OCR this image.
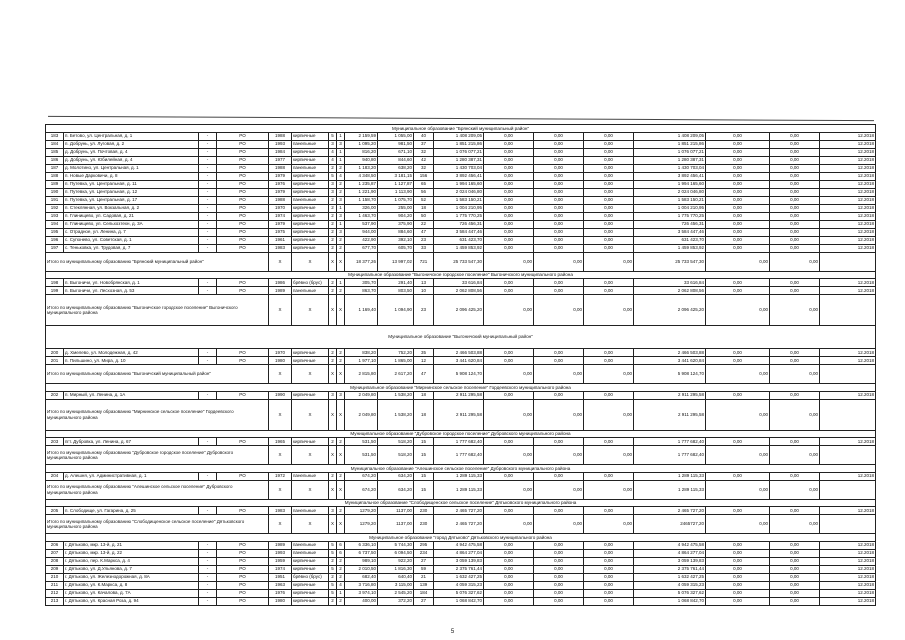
Муниципальное образование "Брянский муниципальный район"																		
183	п. Бетово, ул. Центральная, д. 1	-	РО	1988	кирпичные	5	1	2 159,59	1 055,00	40	1 408 209,05	0,00	0,00	0,00	1 408 209,05	0,00	0,00	12.2018
184	п. Добрунь, ул. Луговая, д. 2	-	РО	1993	панельные	3	3	1 095,20	981,50	37	1 851 215,86	0,00	0,00	0,00	1 851 215,86	0,00	0,00	12.2018
185	д. Добрунь, ул. Почтовая, д. 4	-	РО	1984	кирпичные	4	1	816,20	671,10	32	1 076 077,21	0,00	0,00	0,00	1 076 077,21	0,00	0,00	12.2018
186	д. Добрунь, ул. Юбилейная, д. 4	-	РО	1977	кирпичные	4	1	940,80	844,60	42	1 280 387,31	0,00	0,00	0,00	1 280 387,31	0,00	0,00	12.2018
187	д. Молотино, ул. Центральная, д. 1	-	РО	1988	панельные	2	2	1 183,20	638,20	32	1 430 703,04	0,00	0,00	0,00	1 430 703,04	0,00	0,00	12.2018
188	п. Новые Дарковичи, д. 8	-	РО	1979	кирпичные	5	4	4 348,50	3 181,15	156	3 892 456,41	0,00	0,00	0,00	3 892 456,41	0,00	0,00	12.2018
189	п. Путевка, ул. Центральная, д. 11	-	РО	1976	кирпичные	3	2	1 235,87	1 127,87	65	1 994 165,60	0,00	0,00	0,00	1 994 165,60	0,00	0,00	12.2018
190	п. Путевка, ул. Центральная, д. 12	-	РО	1979	кирпичные	3	2	1 221,90	1 113,90	56	2 024 046,80	0,00	0,00	0,00	2 024 046,80	0,00	0,00	12.2018
191	п. Путевка, ул. Центральная, д. 17	-	РО	1988	панельные	2	3	1 158,70	1 075,70	52	1 583 150,21	0,00	0,00	0,00	1 583 150,21	0,00	0,00	12.2018
192	п. Стеклянная, ул. Вокзальная, д. 2	-	РО	1970	кирпичные	2	1	326,00	255,00	18	1 004 210,95	0,00	0,00	0,00	1 004 210,95	0,00	0,00	12.2018
193	п. Глинищево, ул. Садовая, д. 21	-	РО	1974	кирпичные	2	3	1 463,70	904,20	50	1 775 770,25	0,00	0,00	0,00	1 775 770,25	0,00	0,00	12.2018
194	п. Глинищево, ул. Сельхозтехн, д. 3А	-	РО	1979	кирпичные	2	1	537,90	375,90	22	726 456,31	0,00	0,00	0,00	726 456,31	0,00	0,00	12.2018
195	с. Отрадное, ул. Ленина, д. 7	-	РО	1975	кирпичные	2	3	944,00	884,60	47	3 584 447,46	0,00	0,00	0,00	3 584 447,46	0,00	0,00	12.2018
196	с. Супонево, ул. Советская, д. 1	-	РО	1961	кирпичные	2	2	422,90	392,10	23	631 423,70	0,00	0,00	0,00	631 423,70	0,00	0,00	12.2018
197	с. Теньковка, ул. Трудовая, д. 7	-	РО	1983	кирпичные	2	2	677,70	605,70	33	1 459 853,92	0,00	0,00	0,00	1 459 853,92	0,00	0,00	12.2018
Итого по муниципальному образованию "Брянский муниципальный район"				X	X	X	X	18 377,26	13 997,02	721	25 733 547,30	0,00	0,00	0,00	25 733 547,30	0,00	0,00	
Муниципальное образование "Выгоничское городское поселение" Выгоничского муниципального района																		
198	п. Выгоничи, ул. Новобрянская, д. 1	-	РО	1986	брёвно (брус)	2	1	305,70	291,40	13	33 616,84	0,00	0,00	0,00	33 616,84	0,00	0,00	12.2018
199	п. Выгоничи, ул. Лесхозная, д. 53	-	РО	1989	панельные	2	2	863,70	803,50	10	2 062 808,56	0,00	0,00	0,00	2 062 808,56	0,00	0,00	12.2018
Итого по муниципальному образованию "Выгоничское городское поселение" Выгоничского муниципального района				X	X	X	X	1 169,40	1 094,90	23	2 096 425,20	0,00	0,00	0,00	2 096 425,20	0,00	0,00	
Муниципальное образование "Выгоничский муниципальный район"																		
200	д. Хмелево, ул. Молодежная, д. 42	-	РО	1970	кирпичные	2	2	838,20	752,20	35	2 466 503,88	0,00	0,00	0,00	2 466 503,88	0,00	0,00	12.2018
201	п. Пильшино, ул. Мира, д. 10	-	РО	1980	кирпичные	2	2	1 977,10	1 865,00	12	3 441 620,84	0,00	0,00	0,00	3 441 620,84	0,00	0,00	12.2018
Итого по муниципальному образованию "Выгоничский муниципальный район"				X	X	X	X	2 815,80	2 617,20	47	5 908 124,70	0,00	0,00	0,00	5 908 124,70	0,00	0,00	
Муниципальное образование "Мирнинское сельское поселение" Гордеевского муниципального района																		
202	п. Мирный, ул. Ленина, д. 1А	-	РО	1990	кирпичные	3	3	2 049,80	1 538,20	18	2 911 295,58	0,00	0,00	0,00	2 911 295,58	0,00	0,00	12.2018
Итого по муниципальному образованию "Мирнинское сельское поселение" Гордеевского муниципального района				X	X	X	X	2 049,80	1 538,20	18	2 911 295,58	0,00	0,00	0,00	2 911 295,58	0,00	0,00	
Муниципальное образование "Дубровское городское поселение" Дубровского муниципального района																		
203	пгт. Дубровка, ул. Ленина, д. 67	-	РО	1965	кирпичные	2	2	531,50	518,20	15	1 777 682,40	0,00	0,00	0,00	1 777 682,40	0,00	0,00	12.2018
Итого по муниципальному образованию "Дубровское городское поселение" Дубровского муниципального района				X	X	X	X	531,50	518,20	15	1 777 682,40	0,00	0,00	0,00	1 777 682,40	0,00	0,00	
Муниципальное образование "Алешинское сельское поселение" Дубровского муниципального района																		
204	д. Алешня, ул. Административная, д. 1	-	РО	1972	панельные	2	2	674,20	634,20	15	1 289 115,33	0,00	0,00	0,00	1 289 115,33	0,00	0,00	12.2018
Итого по муниципальному образованию "Алешинское сельское поселение" Дубровского муниципального района				X	X	X	X	674,20	634,20	15	1 289 115,33	0,00	0,00	0,00	1 289 115,33	0,00	0,00	
Муниципальное образование "Слободищенское сельское поселение" Дятьковского муниципального района																		
205	п. Слободище, ул. Гагарина, д. 25	-	РО	1983	панельные	3	2	1279,20	1137,00	230	2 465 727,20	0,00	0,00	0,00	2 465 727,20	0,00	0,00	12.2018
Итого по муниципальному образованию "Слободищенское сельское поселение" Дятьковского муниципального района				X	X	X	X	1279,20	1137,00	230	2 465 727,20	0,00	0,00	0,00	2465727,20	0,00	0,00	
Муниципальное образование "город Дятьково" Дятьковского муниципального района																		
206	г. Дятьково, мкр. 13-й, д. 21	-	РО	1989	панельные	5	6	6 336,10	5 744,30	295	4 942 475,58	0,00	0,00	0,00	4 942 475,58	0,00	0,00	12.2018
207	г. Дятьково, мкр. 13-й, д. 22	-	РО	1993	панельные	5	6	6 737,50	6 094,50	234	4 864 277,04	0,00	0,00	0,00	4 864 277,04	0,00	0,00	12.2018
208	г. Дятьково, пер. К.Маркса, д. 4	-	РО	1959	кирпичные	2	2	989,10	922,20	27	3 059 139,83	0,00	0,00	0,00	3 059 139,83	0,00	0,00	12.2018
209	г. Дятьково, ул. Д.Ульянова, д. 7	-	РО	1974	кирпичные	5	2	2 010,50	1 816,30	59	2 375 761,44	0,00	0,00	0,00	2 375 761,44	0,00	0,00	12.2018
210	г. Дятьково, ул. Железнодорожная, д. 8А	-	РО	1951	брёвно (брус)	2	2	682,40	640,40	21	1 632 427,25	0,00	0,00	0,00	1 632 427,25	0,00	0,00	12.2018
211	г. Дятьково, ул. К.Маркса, д. 8	-	РО	1963	кирпичные	5	4	3 716,80	3 115,00	139	4 059 315,23	0,00	0,00	0,00	4 059 315,23	0,00	0,00	12.2018
212	г. Дятьково, ул. Качалова, д. 7А	-	РО	1976	кирпичные	5	1	3 974,10	2 545,20	184	5 076 327,62	0,00	0,00	0,00	5 076 327,62	0,00	0,00	12.2018
213	г. Дятьково, ул. Красная Роза, д. 94	-	РО	1980	кирпичные	2	2	400,00	372,20	27	1 068 842,70	0,00	0,00	0,00	1 068 842,70	0,00	0,00	12.2018
5
